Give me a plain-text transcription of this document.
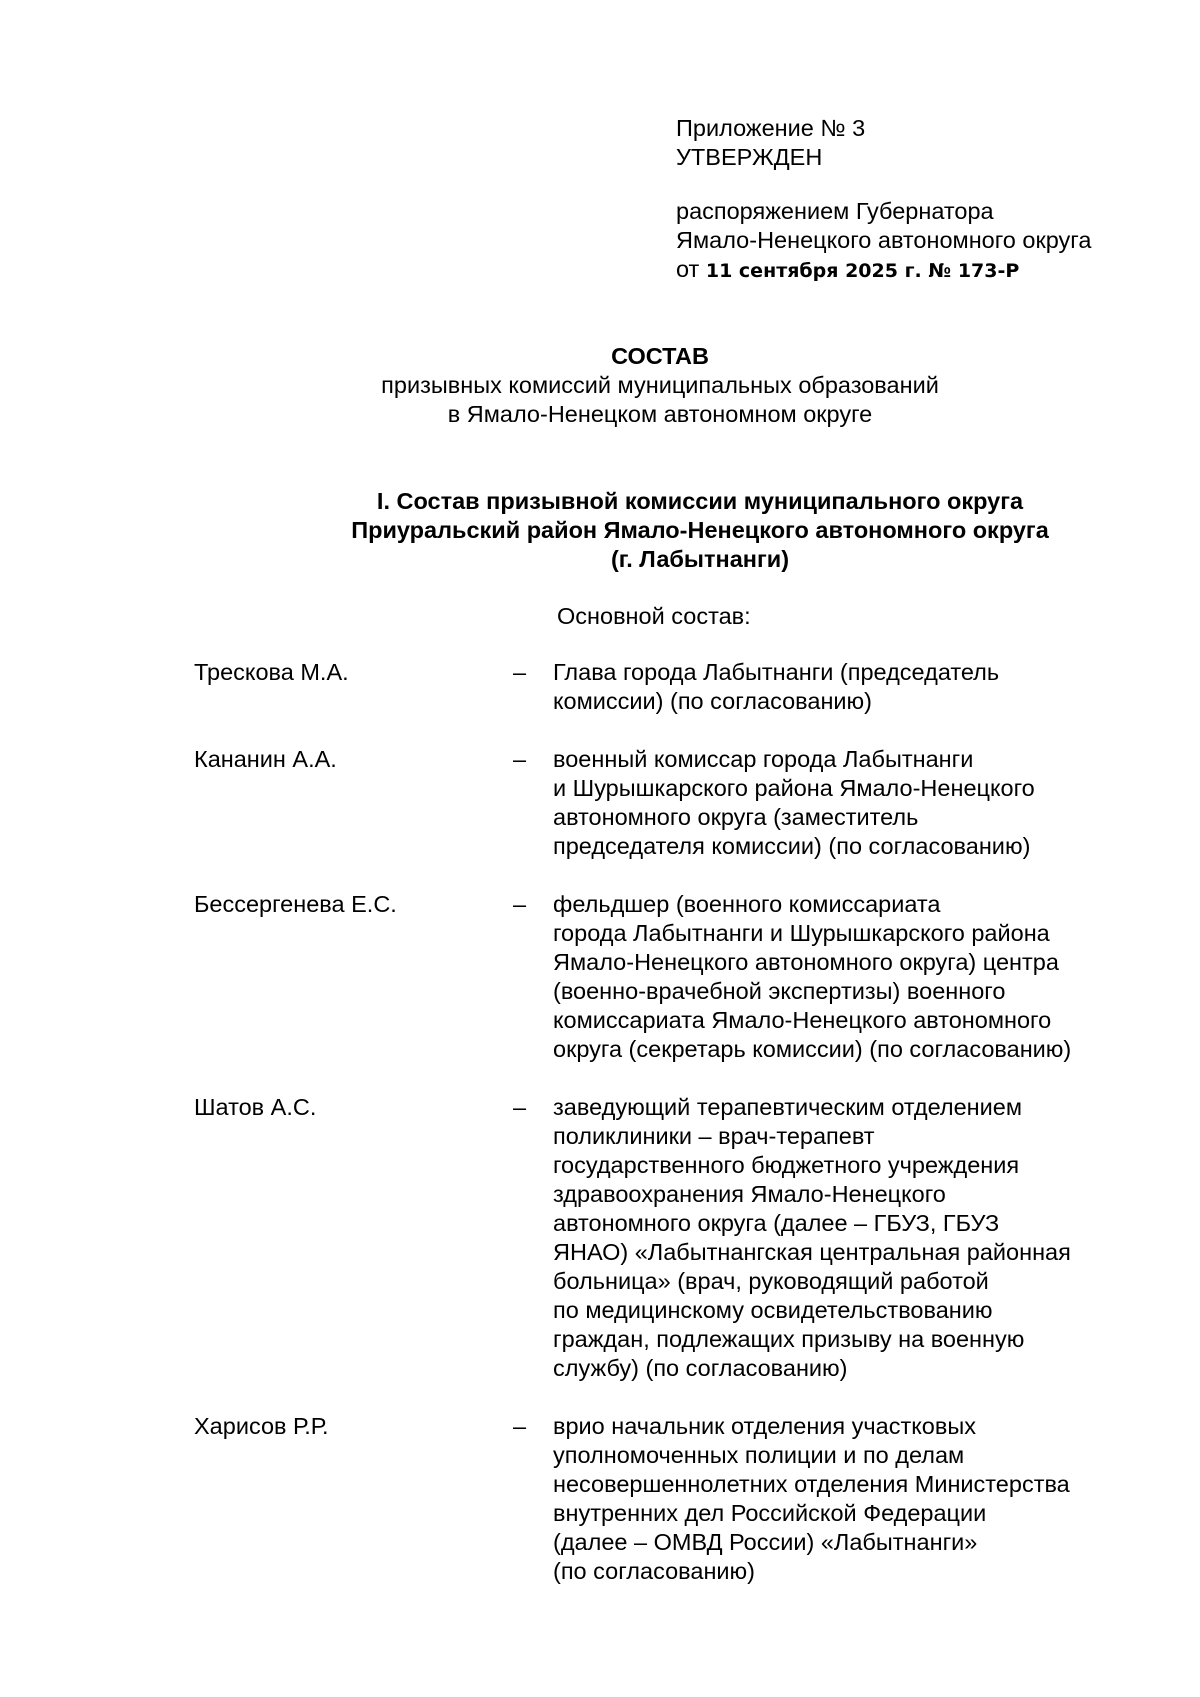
Приложение № 3
УТВЕРЖДЕН
распоряжением Губернатора
Ямало-Ненецкого автономного округа
от 11 сентября 2025 г. № 173-Р
СОСТАВ
призывных комиссий муниципальных образований
в Ямало-Ненецком автономном округе
I. Состав призывной комиссии муниципального округа
Приуральский район Ямало-Ненецкого автономного округа
(г. Лабытнанги)
Основной состав:
Трескова М.А.	–	Глава города Лабытнанги (председатель
комиссии) (по согласованию)
Кананин А.А.	–	военный комиссар города Лабытнанги
и Шурышкарского района Ямало-Ненецкого
автономного округа (заместитель
председателя комиссии) (по согласованию)
Бессергенева Е.С.	–	фельдшер (военного комиссариата
города Лабытнанги и Шурышкарского района
Ямало-Ненецкого автономного округа) центра
(военно-врачебной экспертизы) военного
комиссариата Ямало-Ненецкого автономного
округа (секретарь комиссии) (по согласованию)
Шатов А.С.	–	заведующий терапевтическим отделением
поликлиники – врач-терапевт
государственного бюджетного учреждения
здравоохранения Ямало-Ненецкого
автономного округа (далее – ГБУЗ, ГБУЗ
ЯНАО) «Лабытнангская центральная районная
больница» (врач, руководящий работой
по медицинскому освидетельствованию
граждан, подлежащих призыву на военную
службу) (по согласованию)
Харисов Р.Р.	–	врио начальник отделения участковых
уполномоченных полиции и по делам
несовершеннолетних отделения Министерства
внутренних дел Российской Федерации
(далее – ОМВД России) «Лабытнанги»
(по согласованию)
